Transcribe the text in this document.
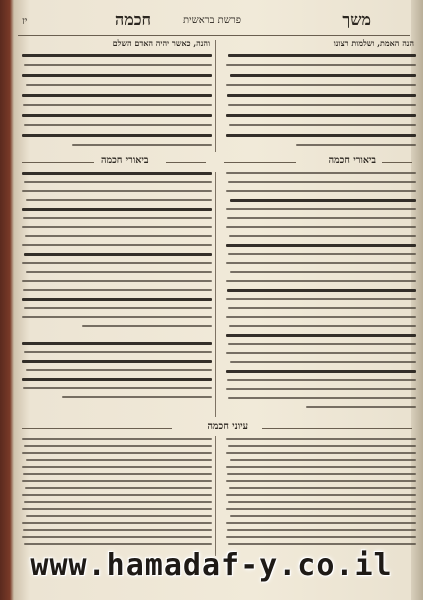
משך
פרשת בראשית
חכמה
יז
הנה האמת, ושלמות רצונו
והנה, כאשר יהיה האדם השלם
ביאורי חכמה
ביאורי חכמה
עיוני חכמה
www.hamadaf-y.co.il
